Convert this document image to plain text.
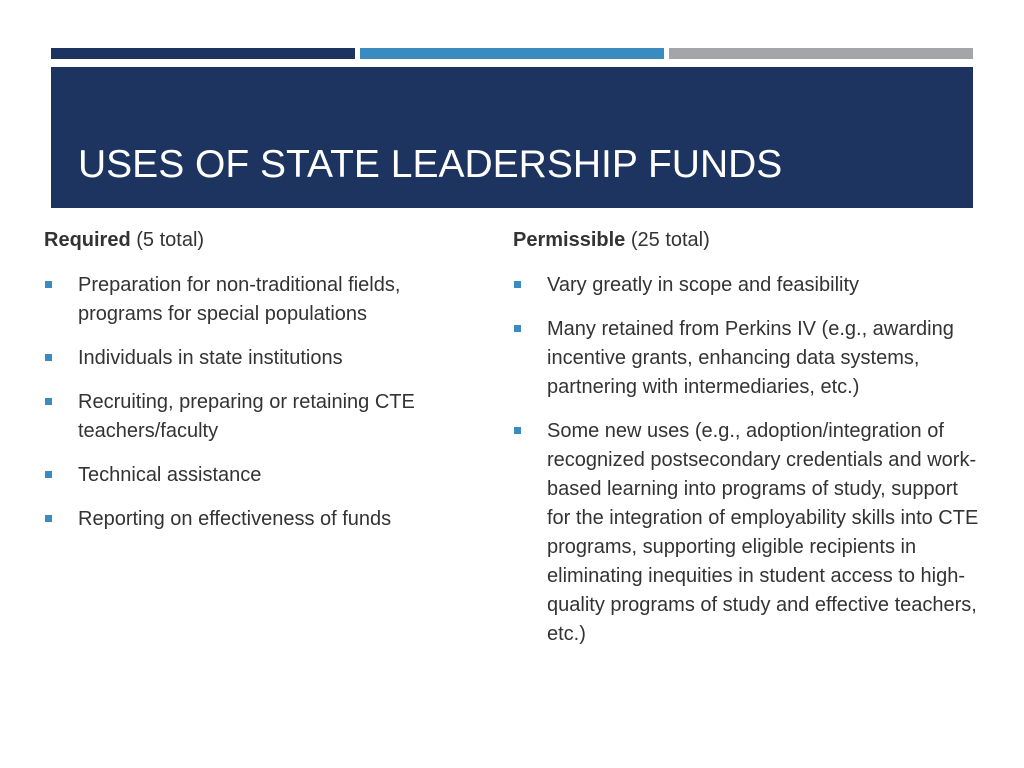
USES OF STATE LEADERSHIP FUNDS
Required (5 total)
Preparation for non-traditional fields, programs for special populations
Individuals in state institutions
Recruiting, preparing or retaining CTE teachers/faculty
Technical assistance
Reporting on effectiveness of funds
Permissible (25 total)
Vary greatly in scope and feasibility
Many retained from Perkins IV (e.g., awarding incentive grants, enhancing data systems, partnering with intermediaries, etc.)
Some new uses (e.g., adoption/integration of recognized postsecondary credentials and work-based learning into programs of study, support for the integration of employability skills into CTE programs, supporting eligible recipients in eliminating inequities in student access to high-quality programs of study and effective teachers, etc.)
